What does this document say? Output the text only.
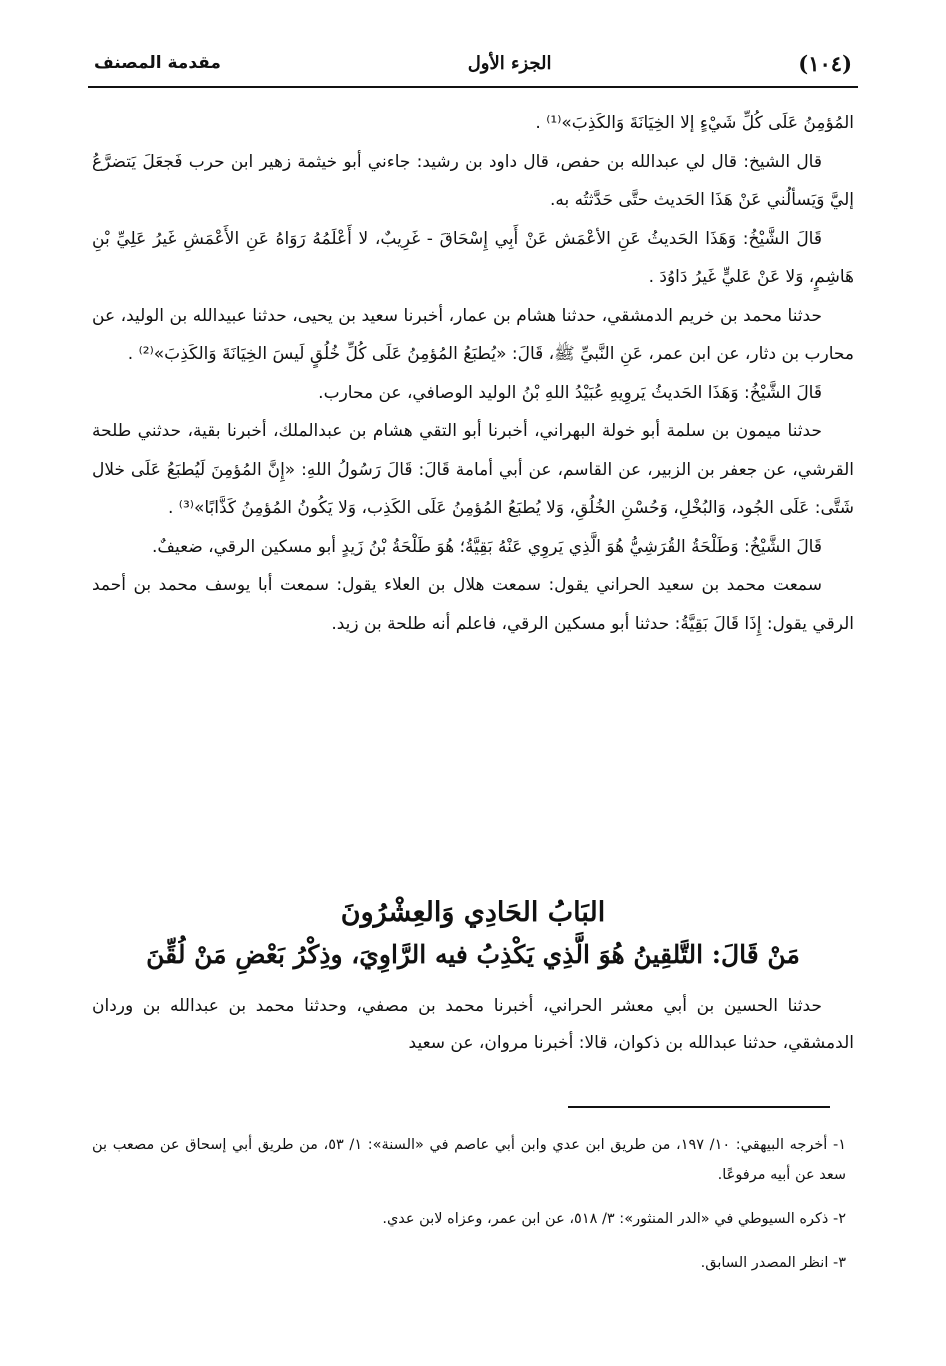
(١٠٤)
الجزء الأول
مقدمة المصنف

المُؤمِنُ عَلَى كُلِّ شَيْءٍ إلا الخِيَانَةَ وَالكَذِبَ»⁽¹⁾ .

قال الشيخ: قال لي عبدالله بن حفص، قال داود بن رشيد: جاءني أبو خيثمة زهير ابن حرب فَجعَلَ يَتضرَّعُ إليَّ وَيَسألُني عَنْ هَذَا الحَديث حتَّى حَدَّثتُه به.

قَالَ الشَّيْخُ: وَهَذَا الحَديثُ عَنِ الأعْمَش عَنْ أَبِي إِسْحَاقَ - غَرِيبٌ، لا أَعْلَمُهُ رَوَاهُ عَنِ الأَعْمَشِ غَيرُ عَلِيِّ بْنِ هَاشِمٍ، وَلا عَنْ عَليٍّ غَيرُ دَاوُدَ .

حدثنا محمد بن خريم الدمشقي، حدثنا هشام بن عمار، أخبرنا سعيد بن يحيى، حدثنا عبيدالله بن الوليد، عن محارب بن دثار، عن ابن عمر، عَنِ النَّبيِّ ﷺ، قَالَ: «يُطبَعُ المُؤمِنُ عَلَى كُلِّ خُلُقٍ لَيسَ الخِيَانَةَ وَالكَذِبَ»⁽²⁾ .

قَالَ الشَّيْخُ: وَهَذَا الحَديثُ يَروِيهِ عُبَيْدُ اللهِ بْنُ الوليد الوصافي، عن محارب.

حدثنا ميمون بن سلمة أبو خولة البهراني، أخبرنا أبو التقي هشام بن عبدالملك، أخبرنا بقية، حدثني طلحة القرشي، عن جعفر بن الزبير، عن القاسم، عن أبي أمامة قَالَ: قَالَ رَسُولُ اللهِ: «إِنَّ المُؤمِنَ لَيُطبَعُ عَلَى خلال شَتَّى: عَلَى الجُود، وَالبُخْلِ، وَحُسْنِ الخُلُقِ، وَلا يُطبَعُ المُؤمِنُ عَلَى الكَذِب، وَلا يَكُونُ المُؤمِنُ كَذَّابًا»⁽³⁾ .

قَالَ الشَّيْخُ: وَطَلْحَةُ القُرَشِيُّ هُوَ الَّذِي يَروِي عَنْهُ بَقِيَّةُ؛ هُوَ طَلْحَةُ بْنُ زَيدٍ أبو مسكين الرقي، ضعيفٌ.

سمعت محمد بن سعيد الحراني يقول: سمعت هلال بن العلاء يقول: سمعت أبا يوسف محمد بن أحمد الرقي يقول: إِذَا قَالَ بَقِيَّةُ: حدثنا أبو مسكين الرقي، فاعلم أنه طلحة بن زيد.

البَابُ الحَادِي وَالعِشْرُونَ
مَنْ قَالَ: التَّلقِينُ هُوَ الَّذِي يَكْذِبُ فيه الرَّاوِيَ، وذِكْرُ بَعْضِ مَنْ لُقِّنَ

حدثنا الحسين بن أبي معشر الحراني، أخبرنا محمد بن مصفي، وحدثنا محمد بن عبدالله بن وردان الدمشقي، حدثنا عبدالله بن ذكوان، قالا: أخبرنا مروان، عن سعيد

١- أخرجه البيهقي: ١٠/ ١٩٧، من طريق ابن عدي وابن أبي عاصم في «السنة»: ١/ ٥٣، من طريق أبي إسحاق عن مصعب بن سعد عن أبيه مرفوعًا.

٢- ذكره السيوطي في «الدر المنثور»: ٣/ ٥١٨، عن ابن عمر، وعزاه لابن عدي.

٣- انظر المصدر السابق.
